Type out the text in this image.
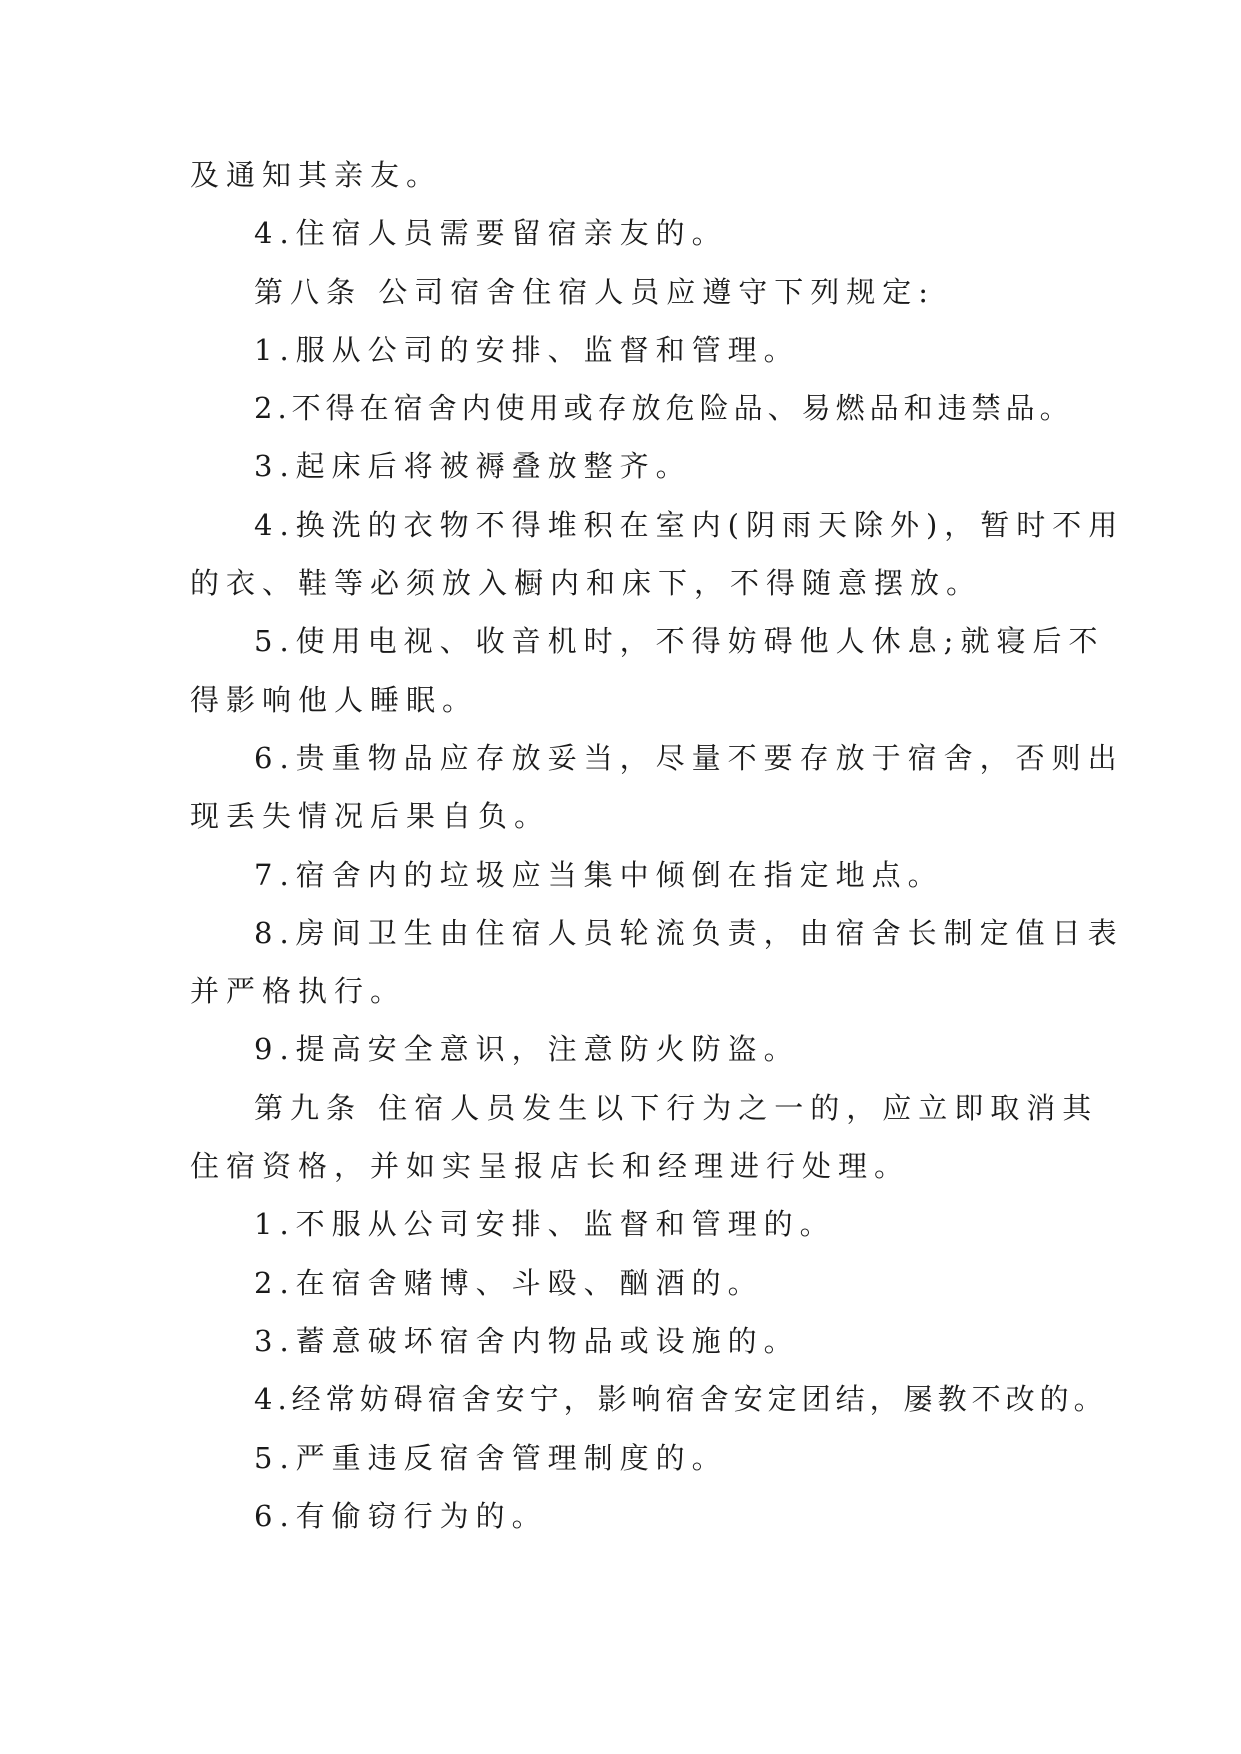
及通知其亲友。
4.住宿人员需要留宿亲友的。
第八条 公司宿舍住宿人员应遵守下列规定:
1.服从公司的安排、监督和管理。
2.不得在宿舍内使用或存放危险品、易燃品和违禁品。
3.起床后将被褥叠放整齐。
4.换洗的衣物不得堆积在室内(阴雨天除外)，暂时不用
的衣、鞋等必须放入橱内和床下，不得随意摆放。
5.使用电视、收音机时，不得妨碍他人休息;就寝后不
得影响他人睡眠。
6.贵重物品应存放妥当，尽量不要存放于宿舍，否则出
现丢失情况后果自负。
7.宿舍内的垃圾应当集中倾倒在指定地点。
8.房间卫生由住宿人员轮流负责，由宿舍长制定值日表
并严格执行。
9.提高安全意识，注意防火防盗。
第九条 住宿人员发生以下行为之一的，应立即取消其
住宿资格，并如实呈报店长和经理进行处理。
1.不服从公司安排、监督和管理的。
2.在宿舍赌博、斗殴、酗酒的。
3.蓄意破坏宿舍内物品或设施的。
4.经常妨碍宿舍安宁，影响宿舍安定团结，屡教不改的。
5.严重违反宿舍管理制度的。
6.有偷窃行为的。
